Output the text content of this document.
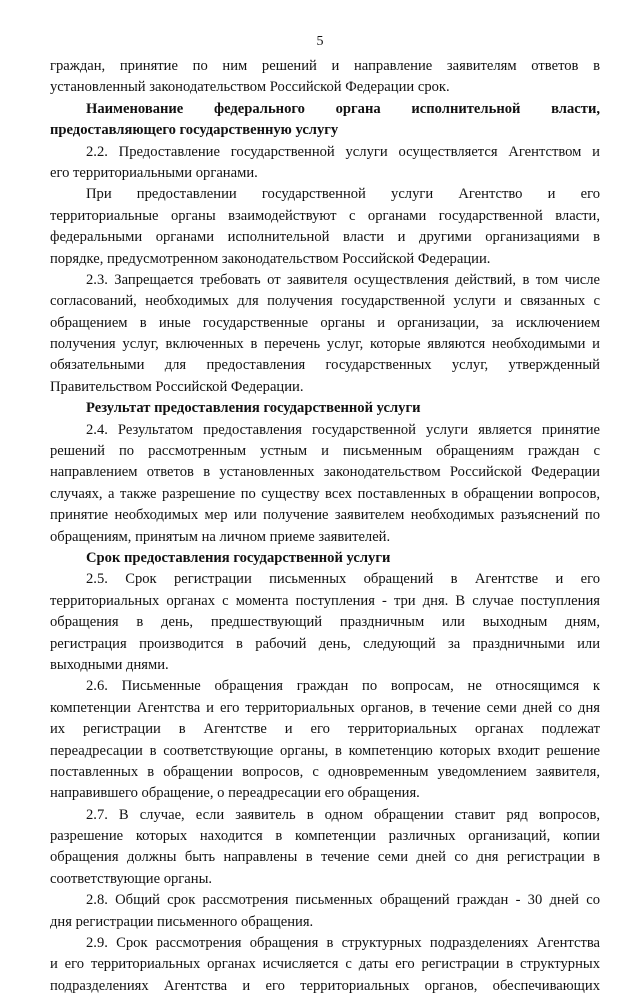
5
граждан, принятие по ним решений и направление заявителям ответов в
установленный законодательством Российской Федерации срок.
Наименование федерального органа исполнительной власти,
предоставляющего государственную услугу
2.2. Предоставление государственной услуги осуществляется Агентством и
его территориальными органами.
При предоставлении государственной услуги Агентство и его
территориальные органы взаимодействуют с органами государственной власти,
федеральными органами исполнительной власти и другими организациями в
порядке, предусмотренном законодательством Российской Федерации.
2.3. Запрещается требовать от заявителя осуществления действий, в том числе
согласований, необходимых для получения государственной услуги и связанных с
обращением в иные государственные органы и организации, за исключением
получения услуг, включенных в перечень услуг, которые являются необходимыми и
обязательными для предоставления государственных услуг, утвержденный
Правительством Российской Федерации.
Результат предоставления государственной услуги
2.4. Результатом предоставления государственной услуги является принятие
решений по рассмотренным устным и письменным обращениям граждан с
направлением ответов в установленных законодательством Российской Федерации
случаях, а также разрешение по существу всех поставленных в обращении вопросов,
принятие необходимых мер или получение заявителем необходимых разъяснений по
обращениям, принятым на личном приеме заявителей.
Срок предоставления государственной услуги
2.5. Срок регистрации письменных обращений в Агентстве и его
территориальных органах с момента поступления - три дня. В случае поступления
обращения в день, предшествующий праздничным или выходным дням,
регистрация производится в рабочий день, следующий за праздничными или
выходными днями.
2.6. Письменные обращения граждан по вопросам, не относящимся к
компетенции Агентства и его территориальных органов, в течение семи дней со дня
их регистрации в Агентстве и его территориальных органах подлежат
переадресации в соответствующие органы, в компетенцию которых входит решение
поставленных в обращении вопросов, с одновременным уведомлением заявителя,
направившего обращение, о переадресации его обращения.
2.7. В случае, если заявитель в одном обращении ставит ряд вопросов,
разрешение которых находится в компетенции различных организаций, копии
обращения должны быть направлены в течение семи дней со дня регистрации в
соответствующие органы.
2.8. Общий срок рассмотрения письменных обращений граждан - 30 дней со
дня регистрации письменного обращения.
2.9. Срок рассмотрения обращения в структурных подразделениях Агентства
и его территориальных органах исчисляется с даты его регистрации в структурных
подразделениях Агентства и его территориальных органов, обеспечивающих
